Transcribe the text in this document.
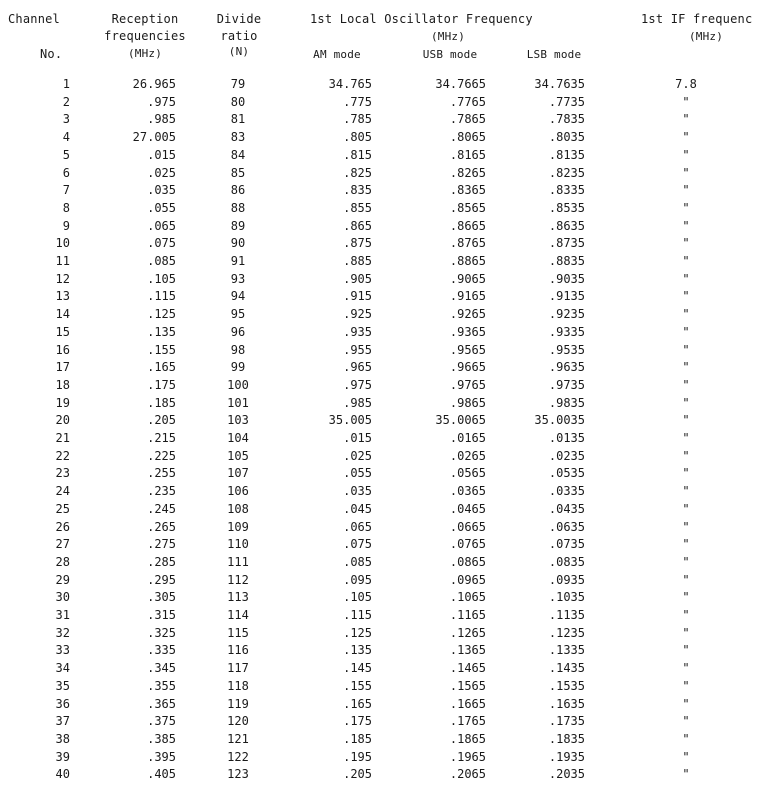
Channel
No.
Reception
frequencies
(MHz)
Divide
ratio
(N)
1st Local Oscillator Frequency
(MHz)
AM mode	USB mode	LSB mode
1st IF frequenc
(MHz)
1	26.965	79	34.765	34.7665	34.7635	7.8
2	.975	80	.775	.7765	.7735	"
3	.985	81	.785	.7865	.7835	"
4	27.005	83	.805	.8065	.8035	"
5	.015	84	.815	.8165	.8135	"
6	.025	85	.825	.8265	.8235	"
7	.035	86	.835	.8365	.8335	"
8	.055	88	.855	.8565	.8535	"
9	.065	89	.865	.8665	.8635	"
10	.075	90	.875	.8765	.8735	"
11	.085	91	.885	.8865	.8835	"
12	.105	93	.905	.9065	.9035	"
13	.115	94	.915	.9165	.9135	"
14	.125	95	.925	.9265	.9235	"
15	.135	96	.935	.9365	.9335	"
16	.155	98	.955	.9565	.9535	"
17	.165	99	.965	.9665	.9635	"
18	.175	100	.975	.9765	.9735	"
19	.185	101	.985	.9865	.9835	"
20	.205	103	35.005	35.0065	35.0035	"
21	.215	104	.015	.0165	.0135	"
22	.225	105	.025	.0265	.0235	"
23	.255	107	.055	.0565	.0535	"
24	.235	106	.035	.0365	.0335	"
25	.245	108	.045	.0465	.0435	"
26	.265	109	.065	.0665	.0635	"
27	.275	110	.075	.0765	.0735	"
28	.285	111	.085	.0865	.0835	"
29	.295	112	.095	.0965	.0935	"
30	.305	113	.105	.1065	.1035	"
31	.315	114	.115	.1165	.1135	"
32	.325	115	.125	.1265	.1235	"
33	.335	116	.135	.1365	.1335	"
34	.345	117	.145	.1465	.1435	"
35	.355	118	.155	.1565	.1535	"
36	.365	119	.165	.1665	.1635	"
37	.375	120	.175	.1765	.1735	"
38	.385	121	.185	.1865	.1835	"
39	.395	122	.195	.1965	.1935	"
40	.405	123	.205	.2065	.2035	"
